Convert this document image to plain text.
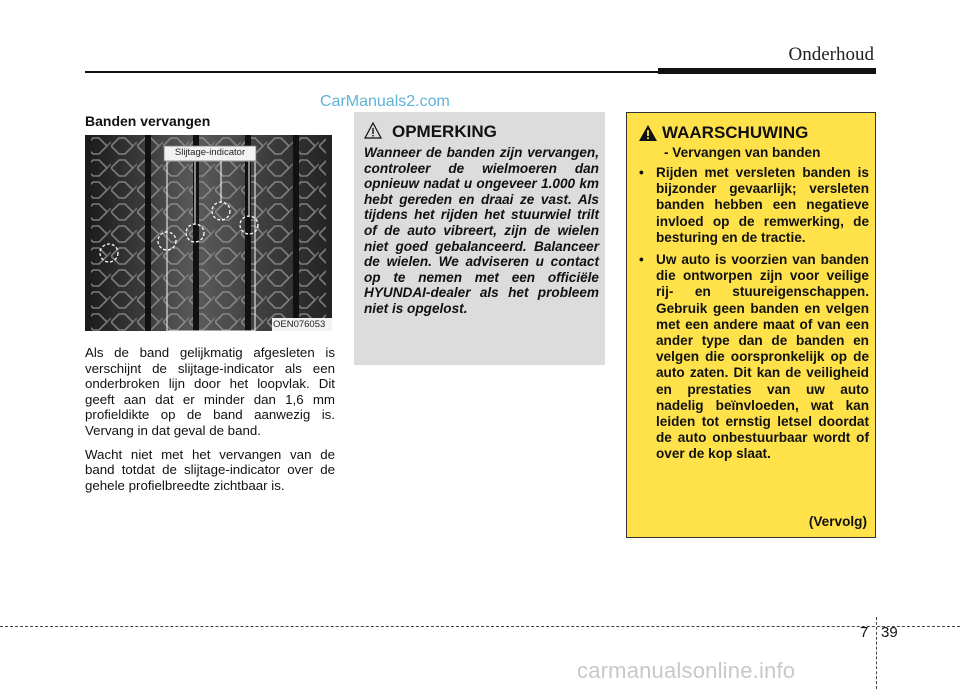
Onderhoud
CarManuals2.com
Banden vervangen
Slijtage-indicator
OEN076053

Als de band gelijkmatig afgesleten is verschijnt de slijtage-indicator als een onderbroken lijn door het loopvlak. Dit geeft aan dat er minder dan 1,6 mm profieldikte op de band aanwezig is. Vervang in dat geval de band.

Wacht niet met het vervangen van de band totdat de slijtage-indicator over de gehele profielbreedte zichtbaar is.

OPMERKING
Wanneer de banden zijn vervangen, controleer de wielmoeren dan opnieuw nadat u ongeveer 1.000 km hebt gereden en draai ze vast. Als tijdens het rijden het stuurwiel trilt of de auto vibreert, zijn de wielen niet goed gebalanceerd. Balanceer de wielen. We adviseren u contact op te nemen met een officiële HYUNDAI-dealer als het probleem niet is opgelost.
WAARSCHUWING
- Vervangen van banden
• Rijden met versleten banden is bijzonder gevaarlijk; versleten banden hebben een negatieve invloed op de remwerking, de besturing en de tractie.
• Uw auto is voorzien van banden die ontworpen zijn voor veilige rij- en stuureigenschappen. Gebruik geen banden en velgen met een andere maat of van een ander type dan de banden en velgen die oorspronkelijk op de auto zaten. Dit kan de veiligheid en prestaties van uw auto nadelig beïnvloeden, wat kan leiden tot ernstig letsel doordat de auto onbestuurbaar wordt of over de kop slaat.
(Vervolg)
7 39
carmanualsonline.info
